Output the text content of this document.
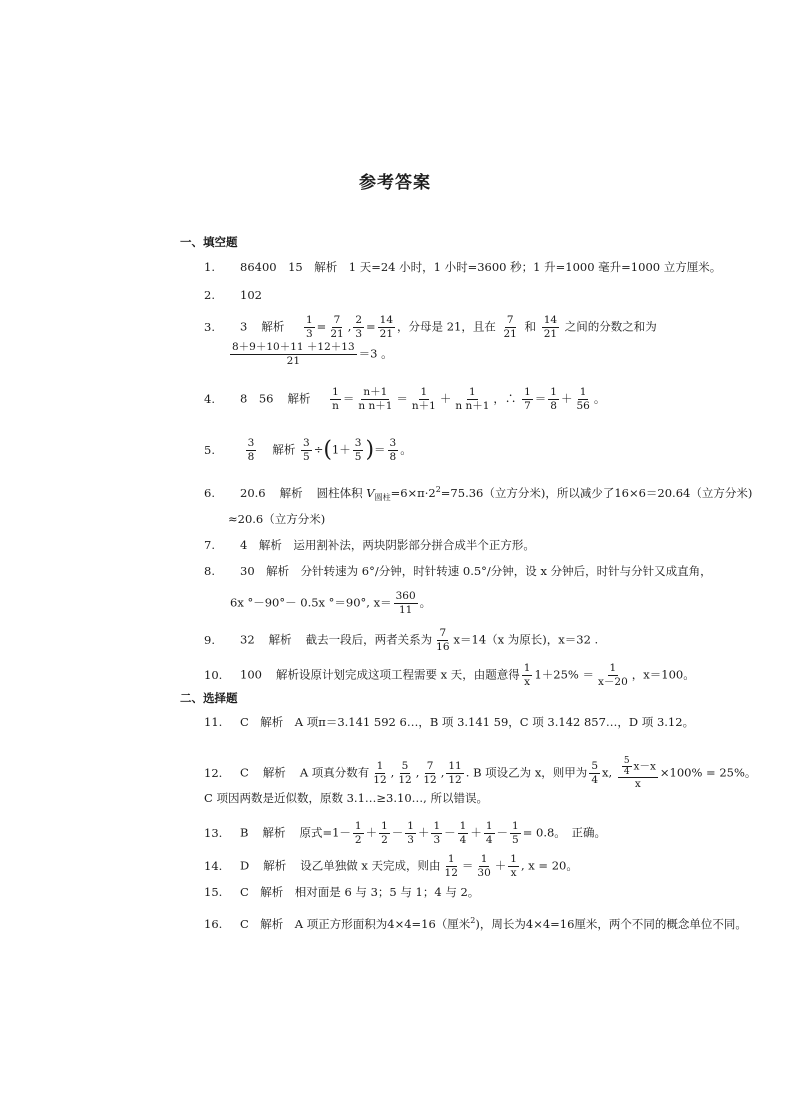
参考答案
一、填空题
1. 86400　15　解析　1 天=24 小时，1 小时=3600 秒；1 升=1000 毫升=1000 立方厘米。
2. 102
3. 3 解析 $\frac{1}{3} = \frac{7}{21}$ , $\frac{2}{3} = \frac{14}{21}$ ，分母是 21，且在 $\frac{7}{21}$ 和 $\frac{14}{21}$ 之间的分数之和为
$\frac{8+9+10+11 +12+13}{21} =3$ 。
4. 8　56 解析 $\frac{1}{n} = \frac{n+1}{\text{n n＋1}} = \frac{1}{n+1} + \frac{1}{\text{n n＋1}}$ ，∴ $\frac{1}{7} = \frac{1}{8} + \frac{1}{56}$ 。
5.	$\frac{3}{8}$ 解析 $\frac{3}{5} \div(1+ \frac{3}{5}$ )＝ $\frac{3}{8}$ 。
6. 20.6 解析 圆柱体积 $V_{圆柱}=6\times\pi\cdot 2^2=75.36$（立方分米)，所以减少了16×6＝20.64（立方分米)
≈20.6（立方分米)
7. 4　解析　运用割补法，两块阴影部分拼合成半个正方形。
8. 30　解析　分针转速为 6°/分钟，时针转速 0.5°/分钟，设 x 分钟后，时针与分针又成直角，
6x °－90°－ 0.5x °＝90°, $x= \frac{360}{11}$ 。
9. 32 解析 截去一段后，两者关系为 $\frac{7}{16} x=14(x$ 为原长)，x＝32 .
10. 100 解析设原计划完成这项工程需要 x 天，由题意得 $\frac{1}{x} 1+25\% = \frac{1}{x-20}$ ，x＝100。
二、选择题
11. C　解析　A 项π＝3.141 592 6…，B 项 3.141 59，C 项 3.142 857…，D 项 3.12。
12. C 解析 A 项真分数有 $\frac{1}{12}$ , $\frac{5}{12}$ , $\frac{7}{12}$ , $\frac{11}{12}$ . B 项设乙为 x，则甲为 $\frac{5}{4} x$, $\frac{\frac{5}{4} x-x}{x} \times 100\% = 25\%$。
C 项因两数是近似数，原数 3.1…≥3.10…, 所以错误。
13. B 解析 原式$=1- \frac{1}{2} + \frac{1}{2} - \frac{1}{3} + \frac{1}{3} - \frac{1}{4} + \frac{1}{4} - \frac{1}{5} = 0.8$。　正确。
14. D 解析 设乙单独做 x 天完成，则由 $\frac{1}{12} = \frac{1}{30} + \frac{1}{x}$ , x = 20。
15. C　解析　相对面是 6 与 3；5 与 1；4 与 2。
16. C　解析　A 项正方形面积为4×4=16（厘米$^2$)，周长为4×4=16厘米，两个不同的概念单位不同。
